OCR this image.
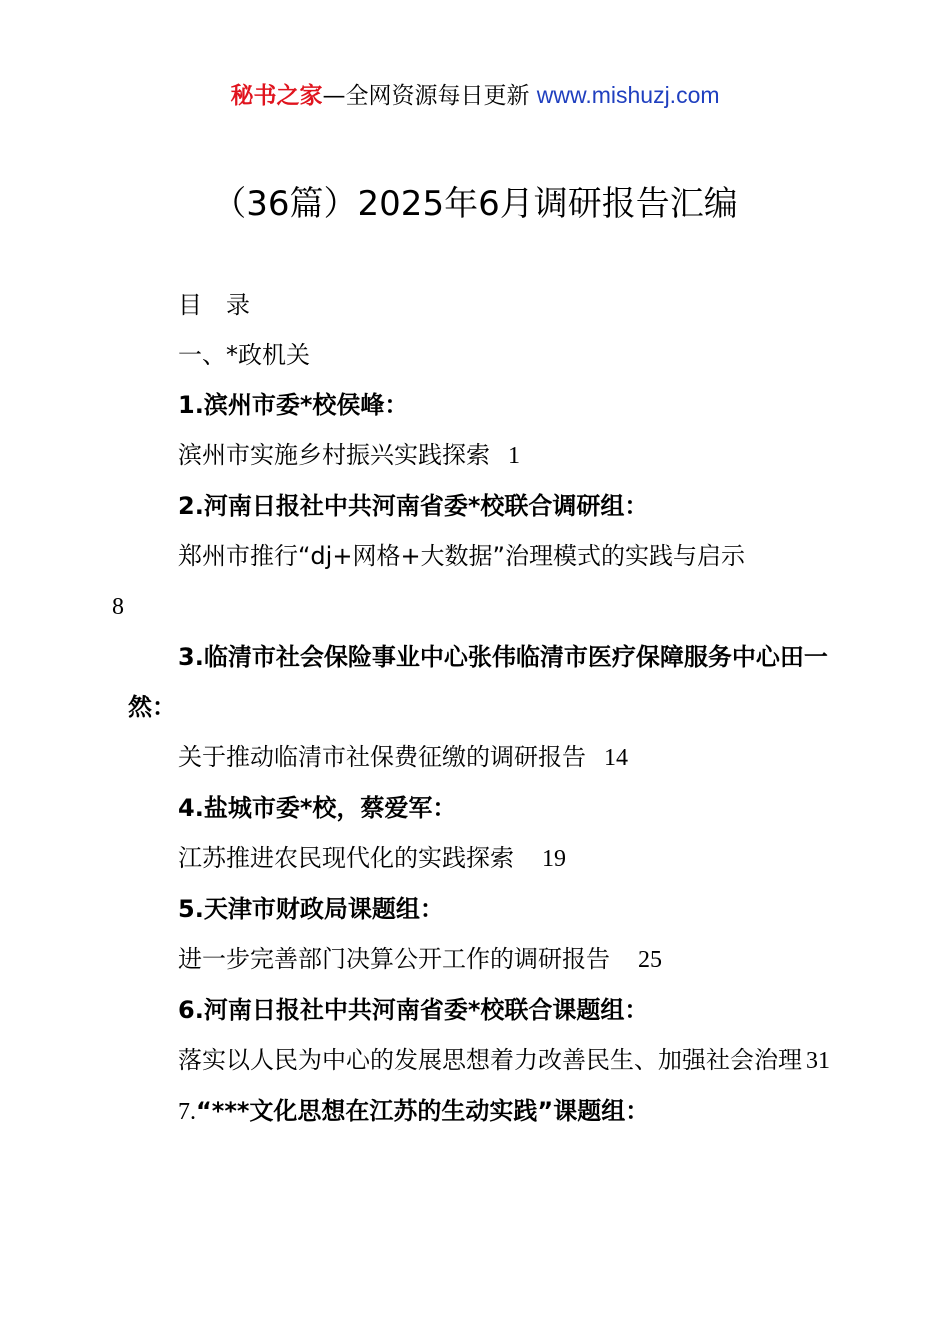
秘书之家—全网资源每日更新 www.mishuzj.com
（36篇）2025年6月调研报告汇编
目　录
一、*政机关
1.滨州市委*校侯峰：
滨州市实施乡村振兴实践探索 1
2.河南日报社中共河南省委*校联合调研组：
郑州市推行“dj+网格+大数据”治理模式的实践与启示
8
3.临清市社会保险事业中心张伟临清市医疗保障服务中心田一然：
关于推动临清市社保费征缴的调研报告 14
4.盐城市委*校，蔡爱军：
江苏推进农民现代化的实践探索 19
5.天津市财政局课题组：
进一步完善部门决算公开工作的调研报告 25
6.河南日报社中共河南省委*校联合课题组：
落实以人民为中心的发展思想着力改善民生、加强社会治理 31
7.“***文化思想在江苏的生动实践”课题组：
